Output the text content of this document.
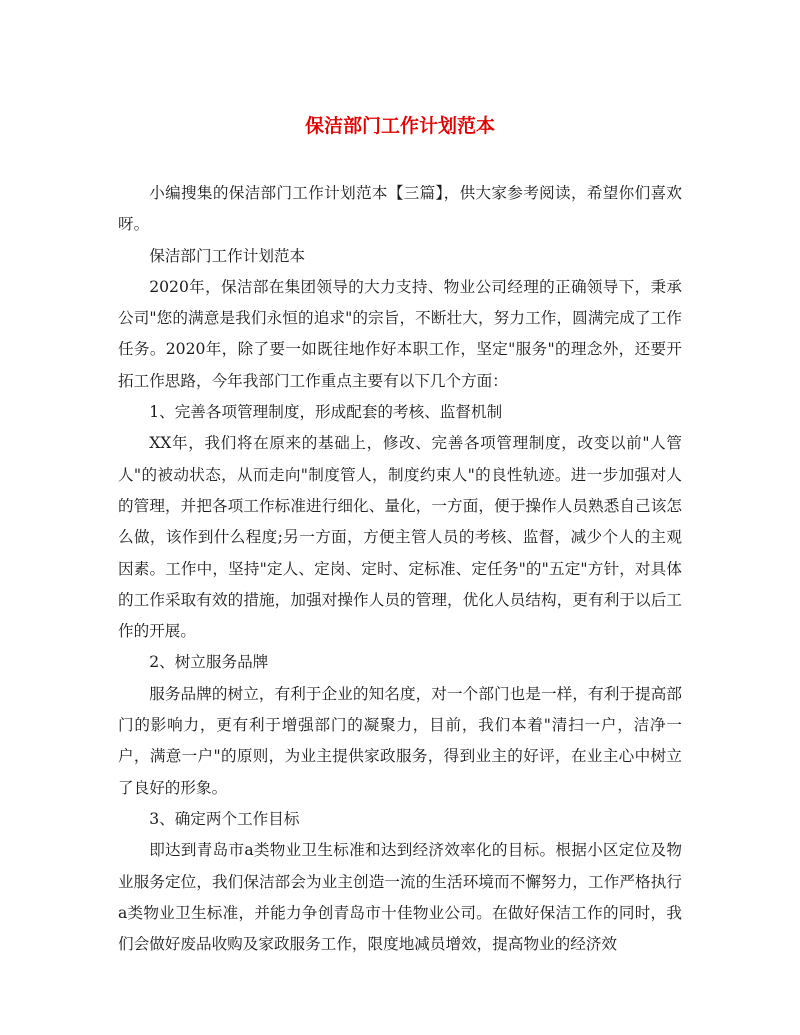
保洁部门工作计划范本

小编搜集的保洁部门工作计划范本【三篇】，供大家参考阅读，希望你们喜欢呀。

保洁部门工作计划范本

2020年，保洁部在集团领导的大力支持、物业公司经理的正确领导下，秉承公司"您的满意是我们永恒的追求"的宗旨，不断壮大，努力工作，圆满完成了工作任务。2020年，除了要一如既往地作好本职工作，坚定"服务"的理念外，还要开拓工作思路，今年我部门工作重点主要有以下几个方面：

1、完善各项管理制度，形成配套的考核、监督机制

XX年，我们将在原来的基础上，修改、完善各项管理制度，改变以前"人管人"的被动状态，从而走向"制度管人，制度约束人"的良性轨迹。进一步加强对人的管理，并把各项工作标准进行细化、量化，一方面，便于操作人员熟悉自己该怎么做，该作到什么程度;另一方面，方便主管人员的考核、监督，减少个人的主观因素。工作中，坚持"定人、定岗、定时、定标准、定任务"的"五定"方针，对具体的工作采取有效的措施，加强对操作人员的管理，优化人员结构，更有利于以后工作的开展。

2、树立服务品牌

服务品牌的树立，有利于企业的知名度，对一个部门也是一样，有利于提高部门的影响力，更有利于增强部门的凝聚力，目前，我们本着"清扫一户，洁净一户，满意一户"的原则，为业主提供家政服务，得到业主的好评，在业主心中树立了良好的形象。

3、确定两个工作目标

即达到青岛市a类物业卫生标准和达到经济效率化的目标。根据小区定位及物业服务定位，我们保洁部会为业主创造一流的生活环境而不懈努力，工作严格执行a类物业卫生标准，并能力争创青岛市十佳物业公司。在做好保洁工作的同时，我们会做好废品收购及家政服务工作，限度地减员增效，提高物业的经济效
